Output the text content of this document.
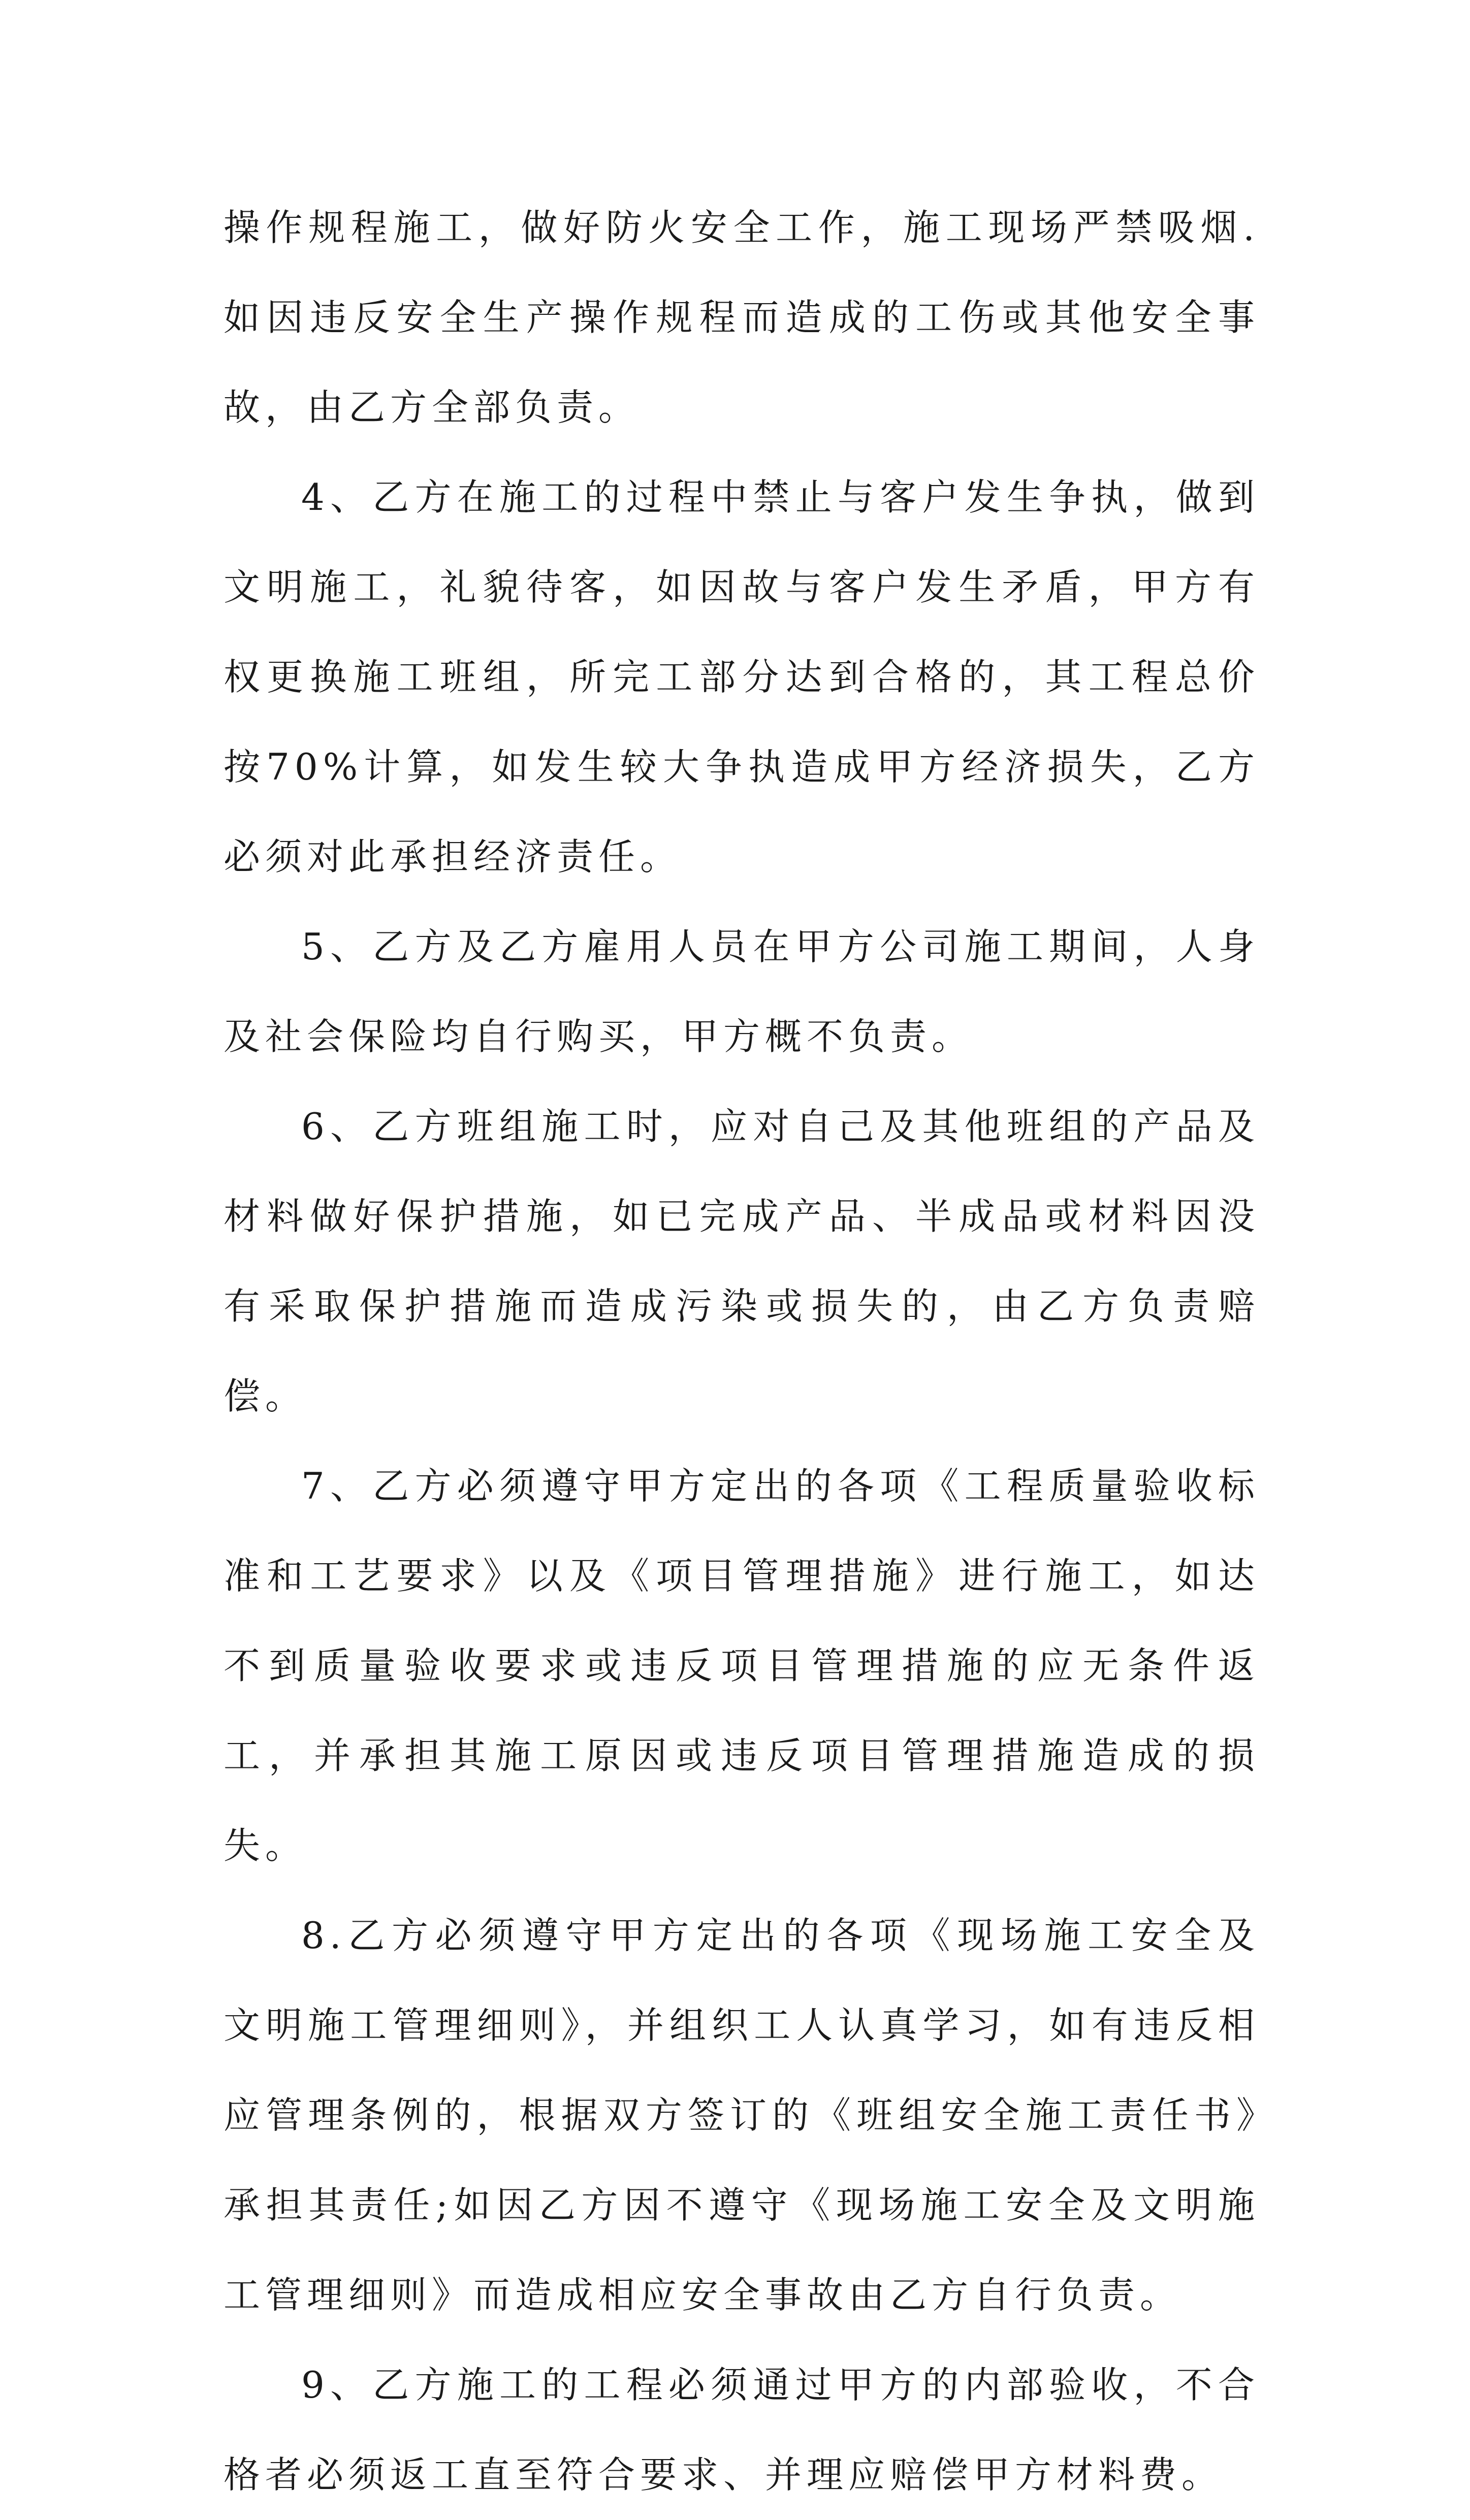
操作规程施工，做好防火安全工作，施工现场严禁吸烟.如因违反安全生产操作规程而造成的工伤或其他安全事故，由乙方全部负责。

4、乙方在施工的过程中禁止与客户发生争执，做到文明施工，礼貌待客，如因故与客户发生矛盾，甲方有权更换施工班组，所完工部分达到合格的，其工程总价按70%计算，如发生较大争执造成甲方经济损失，乙方必须对此承担经济责任。

5、乙方及乙方雇用人员在甲方公司施工期间，人身及社会保险均自行购买，甲方概不负责。

6、乙方班组施工时，应对自己及其他班组的产品及材料做好保护措施，如已完成产品、半成品或材料因没有采取保护措施而造成污染或损失的，由乙方负责赔偿。

7、乙方必须遵守甲方定出的各项《工程质量验收标准和工艺要求》以及《项目管理措施》进行施工，如达不到质量验收要求或违反项目管理措施的应无条件返工，并承担其施工原因或违反项目管理措施造成的损失。

8.乙方必须遵守甲方定出的各项《现场施工安全及文明施工管理细则》，并组织工人认真学习，如有违反相应管理条例的，根据双方签订的《班组安全施工责任书》承担其责任;如因乙方因不遵守《现场施工安全及文明施工管理细则》而造成相应安全事故由乙方自行负责。

9、乙方施工的工程必须通过甲方的内部验收，不合格者必须返工直至符合要求、并理应赔偿甲方材料费。
